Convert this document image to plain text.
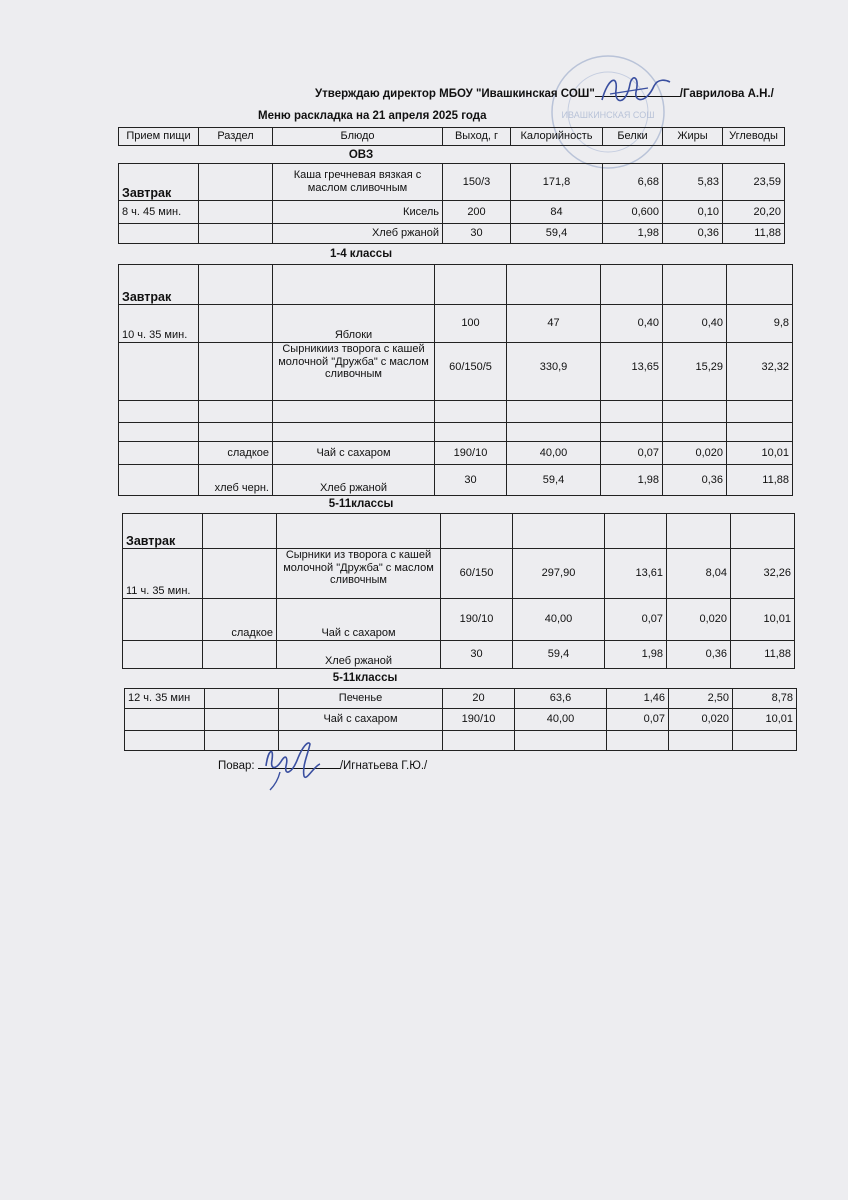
ИВАШКИНСКАЯ СОШ
Утверждаю директор МБОУ "Ивашкинская СОШ"	/Гаврилова А.Н./
Меню раскладка на 21 апреля 2025 года
Прием пищи	Раздел	Блюдо	Выход, г	Калорийность	Белки	Жиры	Углеводы
ОВЗ
Завтрак		Каша гречневая вязкая с маслом сливочным	150/3	171,8	6,68	5,83	23,59
8 ч. 45 мин.		Кисель	200	84	0,600	0,10	20,20
		Хлеб ржаной	30	59,4	1,98	0,36	11,88
1-4 классы
Завтрак							
10 ч. 35 мин.		Яблоки	100	47	0,40	0,40	9,8
		Сырникииз творога с кашей молочной "Дружба" с маслом сливочным	60/150/5	330,9	13,65	15,29	32,32

	сладкое	Чай с сахаром	190/10	40,00	0,07	0,020	10,01
	хлеб черн.	Хлеб ржаной	30	59,4	1,98	0,36	11,88
5-11классы
Завтрак							
11 ч. 35 мин.		Сырники из творога с кашей молочной "Дружба" с маслом сливочным	60/150	297,90	13,61	8,04	32,26
	сладкое	Чай с сахаром	190/10	40,00	0,07	0,020	10,01
		Хлеб ржаной	30	59,4	1,98	0,36	11,88
5-11классы
12 ч. 35 мин		Печенье	20	63,6	1,46	2,50	8,78
		Чай с сахаром	190/10	40,00	0,07	0,020	10,01

Повар:	/Игнатьева Г.Ю./
